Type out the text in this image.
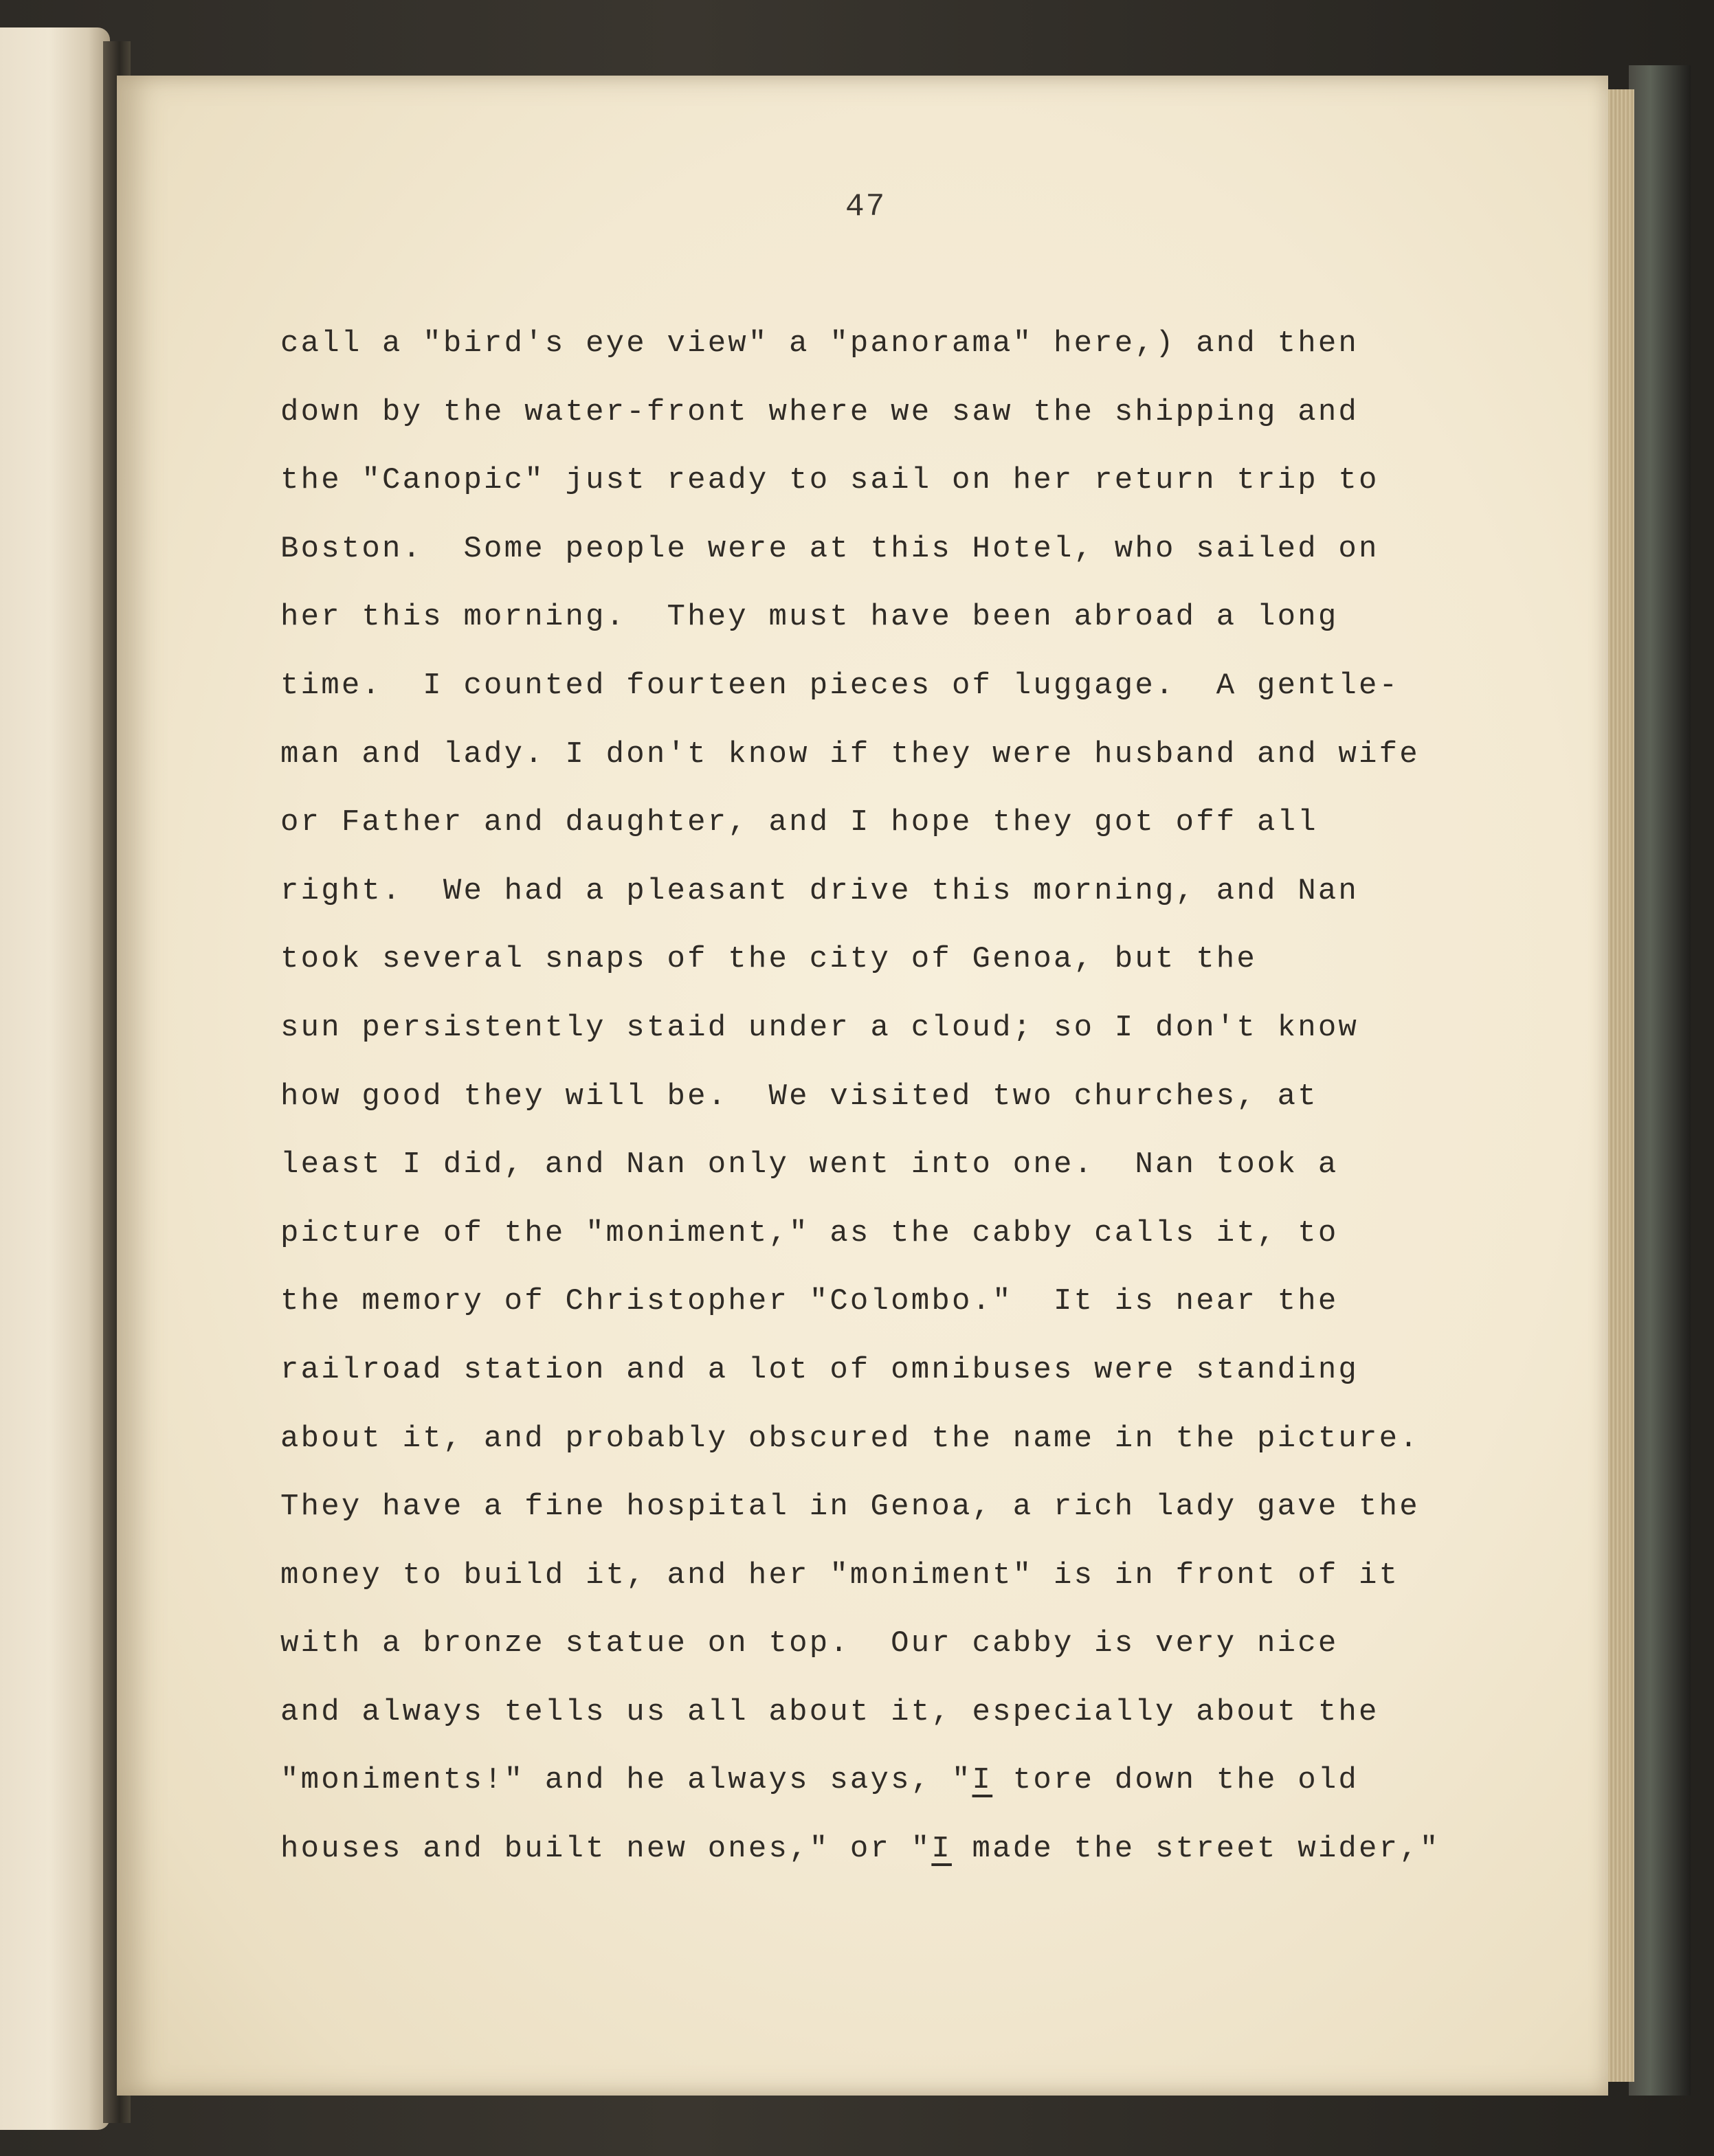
47
call a "bird's eye view" a "panorama" here,) and then
down by the water-front where we saw the shipping and
the "Canopic" just ready to sail on her return trip to
Boston.  Some people were at this Hotel, who sailed on
her this morning.  They must have been abroad a long
time.  I counted fourteen pieces of luggage.  A gentle-
man and lady. I don't know if they were husband and wife
or Father and daughter, and I hope they got off all
right.  We had a pleasant drive this morning, and Nan
took several snaps of the city of Genoa, but the
sun persistently staid under a cloud; so I don't know
how good they will be.  We visited two churches, at
least I did, and Nan only went into one.  Nan took a
picture of the "moniment," as the cabby calls it, to
the memory of Christopher "Colombo."  It is near the
railroad station and a lot of omnibuses were standing
about it, and probably obscured the name in the picture.
They have a fine hospital in Genoa, a rich lady gave the
money to build it, and her "moniment" is in front of it
with a bronze statue on top.  Our cabby is very nice
and always tells us all about it, especially about the
"moniments!" and he always says, "I tore down the old
houses and built new ones," or "I made the street wider,"
